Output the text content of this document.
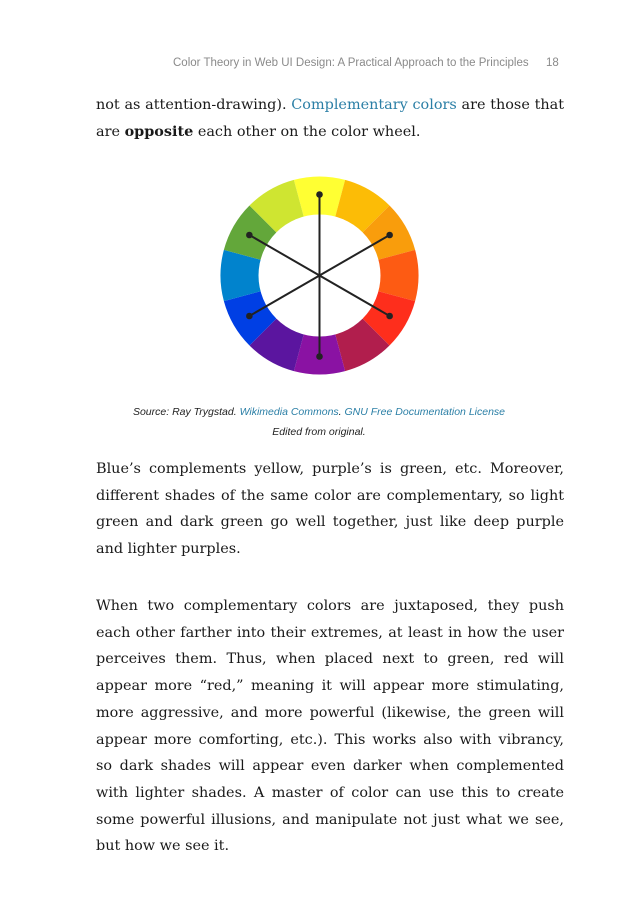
Color Theory in Web UI Design: A Practical Approach to the Principles 18

not as attention-drawing). Complementary colors are those that are opposite each other on the color wheel.

Source: Ray Trygstad. Wikimedia Commons. GNU Free Documentation License
Edited from original.

Blue’s complements yellow, purple’s is green, etc. Moreover, different shades of the same color are complementary, so light green and dark green go well together, just like deep purple and lighter purples.

When two complementary colors are juxtaposed, they push each other farther into their extremes, at least in how the user perceives them. Thus, when placed next to green, red will appear more “red,” meaning it will appear more stimulating, more aggressive, and more powerful (likewise, the green will appear more comforting, etc.). This works also with vibrancy, so dark shades will appear even darker when complemented with lighter shades. A master of color can use this to create some powerful illusions, and manipulate not just what we see, but how we see it.
